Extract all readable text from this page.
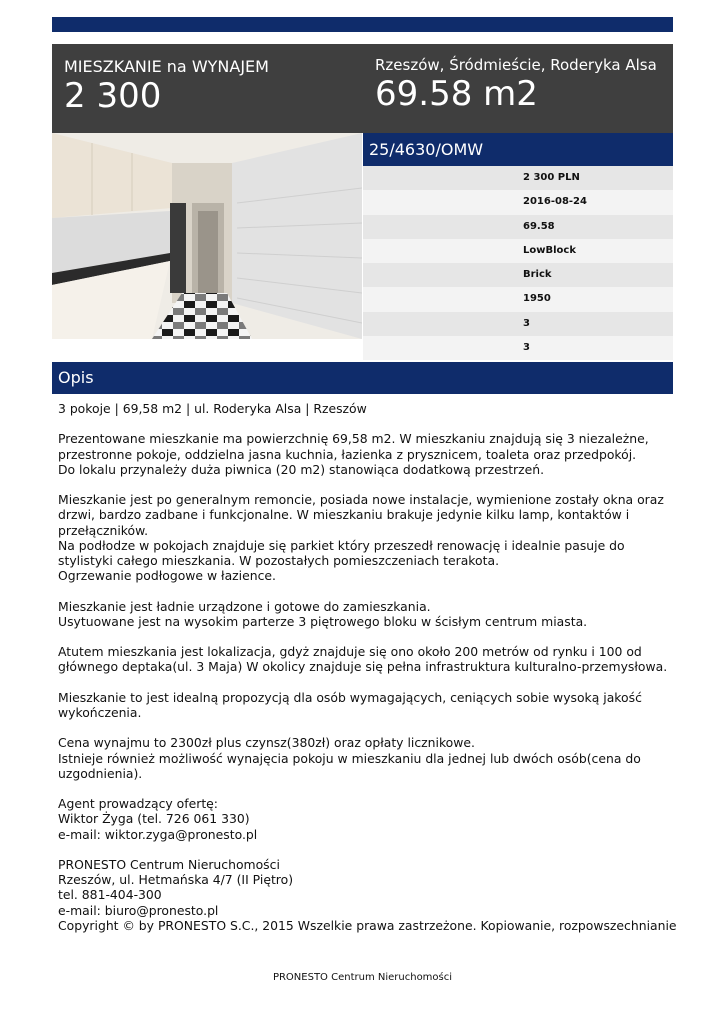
MIESZKANIE na WYNAJEM
2 300
Rzeszów, Śródmieście, Roderyka Alsa
69.58 m2
25/4630/OMW
2 300 PLN
2016-08-24
69.58
LowBlock
Brick
1950
3
3
Opis

3 pokoje | 69,58 m2 | ul. Roderyka Alsa | Rzeszów

Prezentowane mieszkanie ma powierzchnię 69,58 m2. W mieszkaniu znajdują się 3 niezależne,

przestronne pokoje, oddzielna jasna kuchnia, łazienka z prysznicem, toaleta oraz przedpokój.

Do lokalu przynależy duża piwnica (20 m2) stanowiąca dodatkową przestrzeń.

Mieszkanie jest po generalnym remoncie, posiada nowe instalacje, wymienione zostały okna oraz

drzwi, bardzo zadbane i funkcjonalne. W mieszkaniu brakuje jedynie kilku lamp, kontaktów i

przełączników.

Na podłodze w pokojach znajduje się parkiet który przeszedł renowację i idealnie pasuje do

stylistyki całego mieszkania. W pozostałych pomieszczeniach terakota.

Ogrzewanie podłogowe w łazience.

Mieszkanie jest ładnie urządzone i gotowe do zamieszkania.

Usytuowane jest na wysokim parterze 3 piętrowego bloku w ścisłym centrum miasta.

Atutem mieszkania jest lokalizacja, gdyż znajduje się ono około 200 metrów od rynku i 100 od

głównego deptaka(ul. 3 Maja) W okolicy znajduje się pełna infrastruktura kulturalno-przemysłowa.

Mieszkanie to jest idealną propozycją dla osób wymagających, ceniących sobie wysoką jakość

wykończenia.

Cena wynajmu to 2300zł plus czynsz(380zł) oraz opłaty licznikowe.

Istnieje również możliwość wynajęcia pokoju w mieszkaniu dla jednej lub dwóch osób(cena do

uzgodnienia).

Agent prowadzący ofertę:

Wiktor Żyga (tel. 726 061 330)

e-mail: wiktor.zyga@pronesto.pl

PRONESTO Centrum Nieruchomości

Rzeszów, ul. Hetmańska 4/7 (II Piętro)

tel. 881-404-300

e-mail: biuro@pronesto.pl

Copyright © by PRONESTO S.C., 2015 Wszelkie prawa zastrzeżone. Kopiowanie, rozpowszechnianie

PRONESTO Centrum Nieruchomości
